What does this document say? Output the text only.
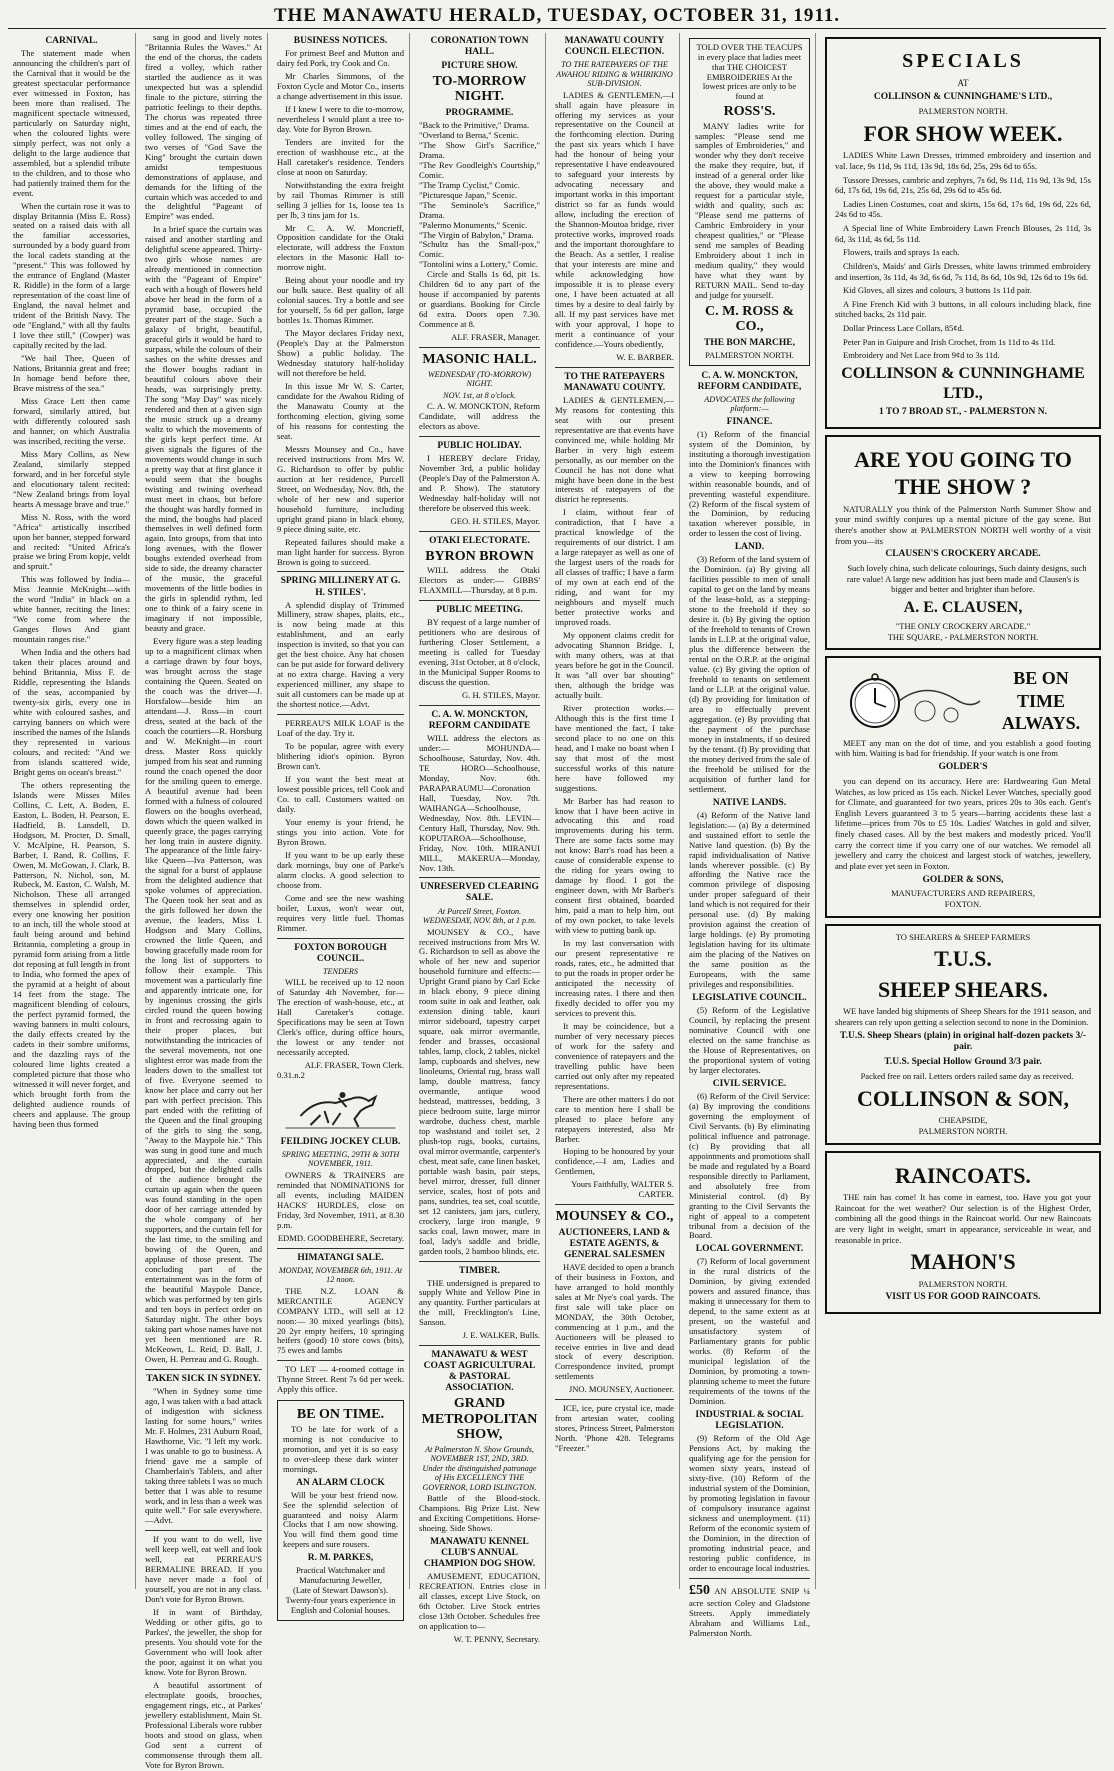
THE MANAWATU HERALD, TUESDAY, OCTOBER 31, 1911.
CARNIVAL.

The statement made when announcing the children's part of the Carnival that it would be the greatest spectacular performance ever witnessed in Foxton, has been more than realised. The magnificent spectacle witnessed, particularly on Saturday night, when the coloured lights were simply perfect, was not only a delight to the large audience that assembled, but a splendid tribute to the children, and to those who had patiently trained them for the event.

When the curtain rose it was to display Britannia (Miss E. Ross) seated on a raised dais with all the familiar accessories, surrounded by a body guard from the local cadets standing at the "present." This was followed by the entrance of England (Master R. Riddle) in the form of a large representation of the coast line of England, the naval helmet and trident of the British Navy. The ode "England," with all thy faults I love thee still," (Cowper) was capitally recited by the lad.

"We hail Thee, Queen of Nations, Britannia great and free; In homage bend before thee, Brave mistress of the sea."

Miss Grace Lett then came forward, similarly attired, but with differently coloured sash and banner, on which Australia was inscribed, reciting the verse.

Miss Mary Collins, as New Zealand, similarly stepped forward, and in her forceful style and elocutionary talent recited: "New Zealand brings from loyal hearts A message brave and true."

Miss N. Ross, with the word "Africa" artistically inscribed upon her banner, stepped forward and recited: "United Africa's praise we bring From kopje, veldt and spruit."

This was followed by India—Miss Jeannie McKnight—with the word "India" in black on a white banner, reciting the lines: "We come from where the Ganges flows And giant mountain ranges rise."

When India and the others had taken their places around and behind Britannia, Miss F. de Riddle, representing the Islands of the seas, accompanied by twenty-six girls, every one in white with coloured sashes, and carrying banners on which were inscribed the names of the Islands they represented in various colours, and recited: "And we from islands scattered wide, Bright gems on ocean's breast."

The others representing the Islands were Misses Miles Collins, C. Lett, A. Boden, E. Easton, L. Boden, H. Pearson, E. Hadfield, B. Lansdell, D. Hodgson, M. Procter, D. Small, V. McAlpine, H. Pearson, S. Barber, I. Rand, R. Collins, F. Owen, M. McGowan, J. Clark, B. Patterson, N. Nichol, son, M. Rubeck, M. Easton, C. Walsh, M. Nicholson. These all arranged themselves in splendid order, every one knowing her position to an inch, till the whole stood at fault being around and behind Britannia, completing a group in pyramid form arising from a little dot reposing at full length in front to India, who formed the apex of the pyramid at a height of about 14 feet from the stage. The magnificent blending of colours, the perfect pyramid formed, the waving banners in multi colours, the daily effects created by the cadets in their sombre uniforms, and the dazzling rays of the coloured lime lights created a completed picture that those who witnessed it will never forget, and which brought forth from the delighted audience rounds of cheers and applause. The group having been thus formed

sang in good and lively notes "Britannia Rules the Waves." At the end of the chorus, the cadets fired a volley, which rather startled the audience as it was unexpected but was a splendid finale to the picture, stirring the patriotic feelings to their depths. The chorus was repeated three times and at the end of each, the volley followed. The singing of two verses of "God Save the King" brought the curtain down amidst tempestuous demonstrations of applause, and demands for the lifting of the curtain which was acceded to and the delightful "Pageant of Empire" was ended.

In a brief space the curtain was raised and another startling and delightful scene appeared. Thirty-two girls whose names are already mentioned in connection with the "Pageant of Empire" each with a bough of flowers held above her head in the form of a pyramid base, occupied the greater part of the stage. Such a galaxy of bright, beautiful, graceful girls it would be hard to surpass, while the colours of their sashes on the white dresses and the flower boughs radiant in beautiful colours above their heads, was surprisingly pretty. The song "May Day" was nicely rendered and then at a given sign the music struck up a dreamy waltz to which the movements of the girls kept perfect time. At given signals the figures of the movements would change in such a pretty way that at first glance it would seem that the boughs twisting and twining overhead must meet in chaos, but before the thought was hardly formed in the mind, the boughs had placed themselves in well defined form again. Into groups, from that into long avenues, with the flower boughs extended overhead from side to side, the dreamy character of the music, the graceful movements of the little bodies in the girls in splendid rythm, led one to think of a fairy scene in imaginary if not impossible, beauty and grace.

Every figure was a step leading up to a magnificent climax when a carriage drawn by four boys, was brought across the stage containing the Queen. Seated on the coach was the driver—J. Horsfalow—beside him an attendant—J. Ross—in court dress, seated at the back of the coach the courtiers—R. Horsburg and W. McKnight—in court dress. Master Ross quickly jumped from his seat and running round the coach opened the door for the smiling queen to emerge. A beautiful avenue had been formed with a fulness of coloured flowers on the boughs overhead, down which the queen walked in queenly grace, the pages carrying her long train in austere dignity. The appearance of the little fairy-like Queen—Iva Patterson, was the signal for a burst of applause from the delighted audience that spoke volumes of appreciation. The Queen took her seat and as the girls followed her down the avenue, the leaders, Miss I. Hodgson and Mary Collins, crowned the little Queen, and bowing gracefully made room for the long list of supporters to follow their example. This movement was a particularly fine and apparently intricate one, for by ingenious crossing the girls circled round the queen bowing in front and recrossing again to their proper places, but notwithstanding the intricacies of the several movements, not one slightest error was made from the leaders down to the smallest tot of five. Everyone seemed to know her place and carry out her part with perfect precision. This part ended with the refitting of the Queen and the final grouping of the girls to sing the song, "Away to the Maypole hie." This was sung in good tune and much appreciated, and the curtain dropped, but the delighted calls of the audience brought the curtain up again when the queen was found standing in the open door of her carriage attended by the whole company of her supporters, and the curtain fell for the last time, to the smiling and bowing of the Queen, and applause of those present. The concluding part of the entertainment was in the form of the beautiful Maypole Dance, which was performed by ten girls and ten boys in perfect order on Saturday night. The other boys taking part whose names have not yet been mentioned are R. McKeown, L. Reid, D. Ball, J. Owen, H. Perreau and G. Rough.

TAKEN SICK IN SYDNEY.

"When in Sydney some time ago, I was taken with a bad attack of indigestion with sickness lasting for some hours," writes Mr. F. Holmes, 231 Auburn Road, Hawthorne, Vic. "I left my work. I was unable to go to business. A friend gave me a sample of Chamberlain's Tablets, and after taking three tablets I was so much better that I was able to resume work, and in less than a week was quite well." For sale everywhere.—Advt.

If you want to do well, live well keep well, eat well and look well, eat PERREAU'S BERMALINE BREAD. If you have never made a fool of yourself, you are not in any class. Don't vote for Byron Brown.

If in want of Birthday, Wedding or other gifts, go to Parkes', the jeweller, the shop for presents. You should vote for the Government who will look after the poor, against it on what you know. Vote for Byron Brown.

A beautiful assortment of electroplate goods, brooches, engagement rings, etc., at Parkes' jewellery establishment, Main St. Professional Liberals wore rubber boots and stood on glass, when God sent a current of commonsense through them all. Vote for Byron Brown.

BUSINESS NOTICES.

For primest Beef and Mutton and dairy fed Pork, try Cook and Co.

Mr Charles Simmons, of the Foxton Cycle and Motor Co., inserts a change advertisement in this issue.

If I knew I were to die to-morrow, nevertheless I would plant a tree to-day. Vote for Byron Brown.

Tenders are invited for the erection of washhouse etc., at the Hall caretaker's residence. Tenders close at noon on Saturday.

Notwithstanding the extra freight by rail Thomas Rimmer is still selling 3 jellies for 1s, loose tea 1s per lb, 3 tins jam for 1s.

Mr C. A. W. Moncrieff, Opposition candidate for the Otaki electorate, will address the Foxton electors in the Masonic Hall to-morrow night.

Being about your noodle and try our bulk sauce. Best quality of all colonial sauces. Try a bottle and see for yourself, 5s 6d per gallon, large bottles 1s. Thomas Rimmer.

The Mayor declares Friday next, (People's Day at the Palmerston Show) a public holiday. The Wednesday statutory half-holiday will not therefore be held.

In this issue Mr W. S. Carter, candidate for the Awahou Riding of the Manawatu County at the forthcoming election, giving some of his reasons for contesting the seat.

Messrs Mounsey and Co., have received instructions from Mrs W. G. Richardson to offer by public auction at her residence, Purcell Street, on Wednesday, Nov. 8th, the whole of her new and superior household furniture, including upright grand piano in black ebony, 9 piece dining suite, etc.

Repeated failures should make a man light harder for success. Byron Brown is going to succeed.

SPRING MILLINERY AT G. H. STILES'.

A splendid display of Trimmed Millinery, straw shapes, plaits, etc., is now being made at this establishment, and an early inspection is invited, so that you can get the best choice. Any hat chosen can be put aside for forward delivery at no extra charge. Having a very experienced milliner, any shape to suit all customers can be made up at the shortest notice.—Advt.

PERREAU'S MILK LOAF is the Loaf of the day. Try it.

To be popular, agree with every blithering idiot's opinion. Byron Brown can't.

If you want the best meat at lowest possible prices, tell Cook and Co. to call. Customers waited on daily.

Your enemy is your friend, he stings you into action. Vote for Byron Brown.

If you want to be up early these dark mornings, buy one of Parke's alarm clocks. A good selection to choose from.

Come and see the new washing boiler, Luxus, won't wear out, requires very little fuel. Thomas Rimmer.

FOXTON BOROUGH COUNCIL.
TENDERS

WILL be received up to 12 noon of Saturday 4th November, for—The erection of wash-house, etc., at Hall Caretaker's cottage. Specifications may be seen at Town Clerk's office, during office hours, the lowest or any tender not necessarily accepted.

ALF. FRASER, Town Clerk.
0.31.n.2
FEILDING JOCKEY CLUB.
SPRING MEETING, 29TH & 30TH NOVEMBER, 1911.

OWNERS & TRAINERS are reminded that NOMINATIONS for all events, including MAIDEN HACKS' HURDLES, close on Friday, 3rd November, 1911, at 8.30 p.m.

EDMD. GOODBEHERE, Secretary.
HIMATANGI SALE.
MONDAY, NOVEMBER 6th, 1911. At 12 noon.

THE N.Z. LOAN & MERCANTILE AGENCY COMPANY LTD., will sell at 12 noon:— 30 mixed yearlings (bits), 20 2yr empty heifers, 10 springing heifers (good) 10 store cows (bits), 75 ewes and lambs

TO LET — 4-roomed cottage in Thynne Street. Rent 7s 6d per week. Apply this office.

BE ON TIME.

TO be late for work of a morning is not conducive to promotion, and yet it is so easy to over-sleep these dark winter mornings.

AN ALARM CLOCK

Will be your best friend now. See the splendid selection of guaranteed and noisy Alarm Clocks that I am now showing. You will find them good time keepers and sure rousers.

R. M. PARKES,
Practical Watchmaker and Manufacturing Jeweller,
(Late of Stewart Dawson's). Twenty-four years experience in English and Colonial houses.
CORONATION TOWN HALL.
PICTURE SHOW.
TO-MORROW NIGHT.
PROGRAMME.
"Back to the Primitive," Drama.
"Overland to Berna," Scenic.
"The Show Girl's Sacrifice," Drama.
"The Rev Goodleigh's Courtship," Comic.
"The Tramp Cyclist," Comic.
"Picturesque Japan," Scenic.
"The Seminole's Sacrifice," Drama.
"Palermo Monuments," Scenic.
"The Virgin of Babylon," Drama.
"Schultz has the Small-pox," Comic.
"Tontolini wins a Lottery," Comic.

Circle and Stalls 1s 6d, pit 1s. Children 6d to any part of the house if accompanied by parents or guardians. Booking for Circle 6d extra. Doors open 7.30. Commence at 8.

ALF. FRASER, Manager.
MASONIC HALL.
WEDNESDAY (TO-MORROW) NIGHT.
NOV. 1st, at 8 o'clock.

C. A. W. MONCKTON, Reform Candidate, will address the electors as above.

PUBLIC HOLIDAY.

I HEREBY declare Friday, November 3rd, a public holiday (People's Day of the Palmerston A. and P. Show). The statutory Wednesday half-holiday will not therefore be observed this week.

GEO. H. STILES, Mayor.
OTAKI ELECTORATE.
BYRON BROWN

WILL address the Otaki Electors as under:— GIBBS' FLAXMILL—Thursday, at 8 p.m.

PUBLIC MEETING.

BY request of a large number of petitioners who are desirous of furthering Closer Settlement, a meeting is called for Tuesday evening, 31st October, at 8 o'clock, in the Municipal Supper Rooms to discuss the question.

G. H. STILES, Mayor.
C. A. W. MONCKTON, REFORM CANDIDATE

WILL address the electors as under:— MOHUNDA—Schoolhouse, Saturday, Nov. 4th. TE HORO—Schoolhouse, Monday, Nov. 6th. PARAPARAUMU—Coronation Hall, Tuesday, Nov. 7th. WAIHANGA—Schoolhouse, Wednesday, Nov. 8th. LEVIN—Century Hall, Thursday, Nov. 9th. KOPUTAROA—Schoolhouse, Friday, Nov. 10th. MIRANUI MILL, MAKERUA—Monday, Nov. 13th.

UNRESERVED CLEARING SALE.
At Purcell Street, Foxton. WEDNESDAY, NOV. 8th, at 1 p.m.

MOUNSEY & CO., have received instructions from Mrs W. G. Richardson to sell as above the whole of her new and superior household furniture and effects:— Upright Grand piano by Carl Ecke in black ebony, 9 piece dining room suite in oak and leather, oak extension dining table, kauri mirror sideboard, tapestry carpet square, oak mirror overmantle, fender and brasses, occasional tables, lamp, clock, 2 tables, nickel lamp, cupboards and shelves, new linoleums, Oriental rug, brass wall lamp, double mattress, fancy overmantle, antique wood bedstead, mattresses, bedding, 3 piece bedroom suite, large mirror wardrobe, duchess chest, marble top washstand and toilet set, 2 plush-top rugs, books, curtains, oval mirror overmantle, carpenter's chest, meat safe, cane linen basket, portable wash basin, pair steps, bevel mirror, dresser, full dinner service, scales, host of pots and pans, sundries, tea set, coal scuttle, set 12 canisters, jam jars, cutlery, crockery, large iron mangle, 9 sacks coal, lawn mower, mare in foal, lady's saddle and bridle, garden tools, 2 bamboo blinds, etc.

TIMBER.

THE undersigned is prepared to supply White and Yellow Pine in any quantity. Further particulars at the mill, Frecklington's Line, Sanson.

J. E. WALKER, Bulls.
MANAWATU & WEST COAST AGRICULTURAL & PASTORAL ASSOCIATION.
GRAND METROPOLITAN SHOW,
At Palmerston N. Show Grounds, NOVEMBER 1ST, 2ND, 3RD. Under the distinguished patronage of His EXCELLENCY THE GOVERNOR, LORD ISLINGTON.

Battle of the Blood-stock. Champions. Big Prize List. New and Exciting Competitions. Horse-shoeing. Side Shows.

MANAWATU KENNEL CLUB'S ANNUAL CHAMPION DOG SHOW.

AMUSEMENT, EDUCATION, RECREATION. Entries close in all classes, except Live Stock, on 6th October. Live Stock entries close 13th October. Schedules free on application to—

W. T. PENNY, Secretary.
MANAWATU COUNTY COUNCIL ELECTION.
TO THE RATEPAYERS OF THE AWAHOU RIDING & WHIRIKINO SUB-DIVISION.

LADIES & GENTLEMEN,—I shall again have pleasure in offering my services as your representative on the Council at the forthcoming election. During the past six years which I have had the honour of being your representative I have endeavoured to safeguard your interests by advocating necessary and important works in this important district so far as funds would allow, including the erection of the Shannon-Moutoa bridge, river protective works, improved roads and the important thoroughfare to the Beach. As a settler, I realise that your interests are mine and while acknowledging how impossible it is to please every one, I have been actuated at all times by a desire to deal fairly by all. If my past services have met with your approval, I hope to merit a continuance of your confidence.—Yours obediently,

W. E. BARBER.
TO THE RATEPAYERS MANAWATU COUNTY.

LADIES & GENTLEMEN,—My reasons for contesting this seat with our present representative are that events have convinced me, while holding Mr Barber in very high esteem personally, as our member on the Council he has not done what might have been done in the best interests of ratepayers of the district he represents.

I claim, without fear of contradiction, that I have a practical knowledge of the requirements of our district. I am a large ratepayer as well as one of the largest users of the roads for all classes of traffic; I have a farm of my own at each end of the riding, and want for my neighbours and myself much better protective works and improved roads.

My opponent claims credit for advocating Shannon Bridge. I, with many others, was at that years before he got in the Council. It was "all over bar shouting" then, although the bridge was actually built.

River protection works.—Although this is the first time I have mentioned the fact, I take second place to no one on this head, and I make no boast when I say that most of the most successful works of this nature here have followed my suggestions.

Mr Barber has had reason to know that I have been active in advocating this and road improvements during his term. There are some facts some may not know: Barr's road has been a cause of considerable expense to the riding for years owing to damage by flood. I got the engineer down, with Mr Barber's consent first obtained, boarded him, paid a man to help him, out of my own pocket, to take levels with view to putting bank up.

In my last conversation with our present representative re roads, rates, etc., he admitted that to put the roads in proper order he anticipated the necessity of increasing rates. I there and then fixedly decided to offer you my services to prevent this.

It may be coincidence, but a number of very necessary pieces of work for the safety and convenience of ratepayers and the travelling public have been carried out only after my repeated representations.

There are other matters I do not care to mention here I shall be pleased to place before any ratepayers interested, also Mr Barber.

Hoping to be honoured by your confidence,—I am, Ladies and Gentlemen,

Yours Faithfully, WALTER S. CARTER.
MOUNSEY & CO.,
AUCTIONEERS, LAND & ESTATE AGENTS, & GENERAL SALESMEN

HAVE decided to open a branch of their business in Foxton, and have arranged to hold monthly sales at Mr Nye's coal yards. The first sale will take place on MONDAY, the 30th October, commencing at 1 p.m., and the Auctioneers will be pleased to receive entries in live and dead stock of every description. Correspondence invited, prompt settlements

JNO. MOUNSEY, Auctioneer.

ICE, ice, pure crystal ice, made from artesian water, cooling stores, Princess Street, Palmerston North. 'Phone 428. Telegrams "Freezer."

TOLD OVER THE TEACUPS in every place that ladies meet that THE CHOICEST EMBROIDERIES At the lowest prices are only to be found at
ROSS'S.

MANY ladies write for samples: "Please send me samples of Embroideries," and wonder why they don't receive the make they require, but, if instead of a general order like the above, they would make a request for a particular style, width and quality, such as: "Please send me patterns of Cambric Embroidery in your cheapest qualities," or "Please send me samples of Beading Embroidery about 1 inch in medium quality," they would have what they want by RETURN MAIL. Send to-day and judge for yourself.

C. M. ROSS & CO.,
THE BON MARCHE,
PALMERSTON NORTH.
C. A. W. MONCKTON, REFORM CANDIDATE,
ADVOCATES the following platform:—
FINANCE.

(1) Reform of the financial system of the Dominion, by instituting a thorough investigation into the Dominion's finances with a view to keeping borrowing within reasonable bounds, and of preventing wasteful expenditure. (2) Reform of the fiscal system of the Dominion, by reducing taxation wherever possible, in order to lessen the cost of living.

LAND.

(3) Reform of the land system of the Dominion. (a) By giving all facilities possible to men of small capital to get on the land by means of the lease-hold, as a stepping-stone to the freehold if they so desire it. (b) By giving the option of the freehold to tenants of Crown lands in L.I.P. at the original value, plus the difference between the rental on the O.R.P. at the original value. (c) By giving the option of freehold to tenants on settlement land or L.I.P. at the original value. (d) By providing for limitation of area to effectually prevent aggregation. (e) By providing that the payment of the purchase money in instalments, if so desired by the tenant. (f) By providing that the money derived from the sale of the freehold be utilised for the acquisition of further land for settlement.

NATIVE LANDS.

(4) Reform of the Native land legislation:— (a) By a determined and sustained effort to settle the Native land question. (b) By the rapid individualisation of Native lands wherever possible. (c) By affording the Native race the common privilege of disposing under proper safeguard of their land which is not required for their personal use. (d) By making provision against the creation of large holdings. (e) By promoting legislation having for its ultimate aim the placing of the Natives on the same position as the Europeans, with the same privileges and responsibilities.

LEGISLATIVE COUNCIL.

(5) Reform of the Legislative Council, by replacing the present nominative Council with one elected on the same franchise as the House of Representatives, on the proportional system of voting by larger electorates.

CIVIL SERVICE.

(6) Reform of the Civil Service: (a) By improving the conditions governing the employment of Civil Servants. (b) By eliminating political influence and patronage. (c) By providing that all appointments and promotions shall be made and regulated by a Board responsible directly to Parliament, and absolutely free from Ministerial control. (d) By granting to the Civil Servants the right of appeal to a competent tribunal from a decision of the Board.

LOCAL GOVERNMENT.

(7) Reform of local government in the rural districts of the Dominion, by giving extended powers and assured finance, thus making it unnecessary for them to depend, to the same extent as at present, on the wasteful and unsatisfactory system of Parliamentary grants for public works. (8) Reform of the municipal legislation of the Dominion, by promoting a town-planning scheme to meet the future requirements of the towns of the Dominion.

INDUSTRIAL & SOCIAL LEGISLATION.

(9) Reform of the Old Age Pensions Act, by making the qualifying age for the pension for women sixty years, instead of sixty-five. (10) Reform of the industrial system of the Dominion, by promoting legislation in favour of compulsory insurance against sickness and unemployment. (11) Reform of the economic system of the Dominion, in the direction of promoting industrial peace, and restoring public confidence, in order to encourage local industries.

£50 AN ABSOLUTE SNIP ¼ acre section Coley and Gladstone Streets. Apply immediately Abraham and Williams Ltd., Palmerston North.
SPECIALS
AT
COLLINSON & CUNNINGHAME'S LTD.,
PALMERSTON NORTH.
FOR SHOW WEEK.

LADIES White Lawn Dresses, trimmed embroidery and insertion and val. lace, 9s 11d, 9s 11d, 13s 9d, 18s 6d, 25s, 29s 6d to 65s.

Tussore Dresses, cambric and zephyrs, 7s 6d, 9s 11d, 11s 9d, 13s 9d, 15s 6d, 17s 6d, 19s 6d, 21s, 25s 6d, 29s 6d to 45s 6d.

Ladies Linen Costumes, coat and skirts, 15s 6d, 17s 6d, 19s 6d, 22s 6d, 24s 6d to 45s.

A Special line of White Embroidery Lawn French Blouses, 2s 11d, 3s 6d, 3s 11d, 4s 6d, 5s 11d.

Flowers, trails and sprays 1s each.

Children's, Maids' and Girls Dresses, white lawns trimmed embroidery and insertion, 3s 11d, 4s 3d, 6s 6d, 7s 11d, 8s 6d, 10s 9d, 12s 6d to 19s 6d.

Kid Gloves, all sizes and colours, 3 buttons 1s 11d pair.

A Fine French Kid with 3 buttons, in all colours including black, fine stitched backs, 2s 11d pair.

Dollar Princess Lace Collars, 85¢d.

Peter Pan in Guipure and Irish Crochet, from 1s 11d to 4s 11d.

Embroidery and Net Lace from 9¢d to 3s 11d.

COLLINSON & CUNNINGHAME LTD.,
1 TO 7 BROAD ST., - PALMERSTON N.
ARE YOU GOING TO THE SHOW ?

NATURALLY you think of the Palmerston North Summer Show and your mind swiftly conjures up a mental picture of the gay scene. But there's another show at PALMERSTON NORTH well worthy of a visit from you—its

CLAUSEN'S CROCKERY ARCADE.

Such lovely china, such delicate colourings, Such dainty designs, such rare value! A large new addition has just been made and Clausen's is bigger and better and brighter than before.

A. E. CLAUSEN,
"THE ONLY CROCKERY ARCADE."
THE SQUARE, - PALMERSTON NORTH.
BE ON TIME ALWAYS.

MEET any man on the dot of time, and you establish a good footing with him. Waiting is bad for friendship. If your watch is one from

GOLDER'S

you can depend on its accuracy. Here are: Hardwearing Gun Metal Watches, as low priced as 15s each. Nickel Lever Watches, specially good for Climate, and guaranteed for two years, prices 20s to 30s each. Gent's English Levers guaranteed 3 to 5 years—barring accidents these last a lifetime—prices from 70s to £5 10s. Ladies' Watches in gold and silver, finely chased cases. All by the best makers and modestly priced. You'll carry the correct time if you carry one of our watches. We remodel all jewellery and carry the choicest and largest stock of watches, jewellery, and plate ever yet seen in Foxton.

GOLDER & SONS,
MANUFACTURERS AND REPAIRERS,
FOXTON.
TO SHEARERS & SHEEP FARMERS
T.U.S.
SHEEP SHEARS.

WE have landed big shipments of Sheep Shears for the 1911 season, and shearers can rely upon getting a selection second to none in the Dominion.

T.U.S. Sheep Shears (plain) in original half-dozen packets 3/- pair.
T.U.S. Special Hollow Ground 3/3 pair.

Packed free on rail. Letters orders railed same day as received.

COLLINSON & SON,
CHEAPSIDE,
PALMERSTON NORTH.
RAINCOATS.

THE rain has come! It has come in earnest, too. Have you got your Raincoat for the wet weather? Our selection is of the Highest Order, combining all the good things in the Raincoat world. Our new Raincoats are very light in weight, smart in appearance, serviceable in wear, and reasonable in price.

MAHON'S
PALMERSTON NORTH.
VISIT US FOR GOOD RAINCOATS.
